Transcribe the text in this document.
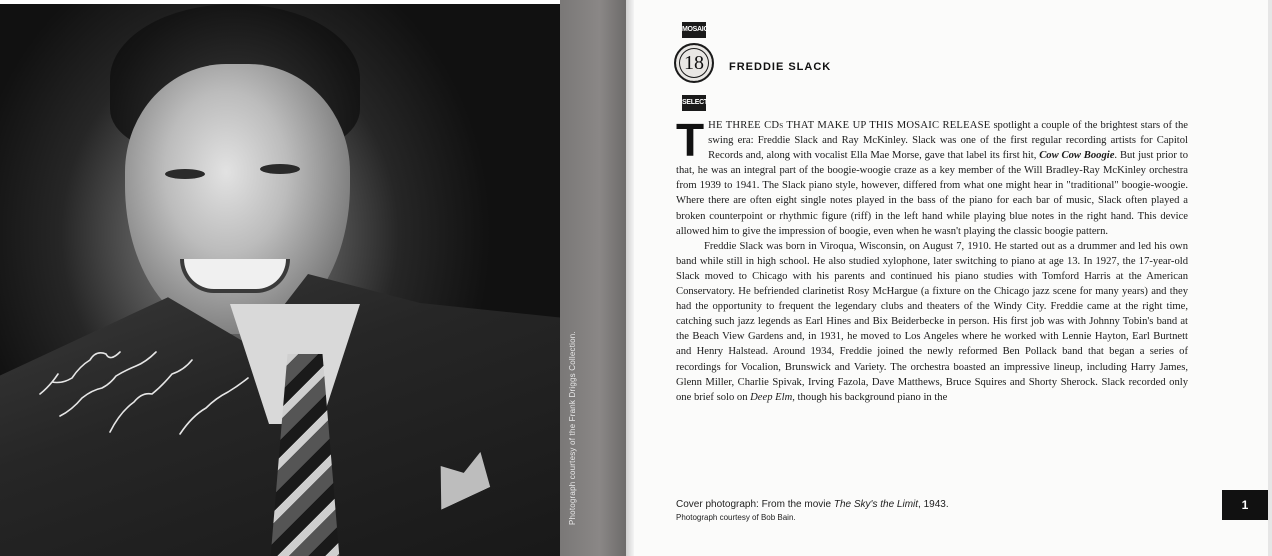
Photograph courtesy of the Frank Driggs Collection.
MOSAIC
18
SELECT
FREDDIE SLACK

THE THREE CDs THAT MAKE UP THIS MOSAIC RELEASE spotlight a couple of the brightest stars of the swing era: Freddie Slack and Ray McKinley. Slack was one of the first regular recording artists for Capitol Records and, along with vocalist Ella Mae Morse, gave that label its first hit, Cow Cow Boogie. But just prior to that, he was an integral part of the boogie-woogie craze as a key member of the Will Bradley-Ray McKinley orchestra from 1939 to 1941. The Slack piano style, however, differed from what one might hear in "traditional" boogie-woogie. Where there are often eight single notes played in the bass of the piano for each bar of music, Slack often played a broken counterpoint or rhythmic figure (riff) in the left hand while playing blue notes in the right hand. This device allowed him to give the impression of boogie, even when he wasn't playing the classic boogie pattern.

Freddie Slack was born in Viroqua, Wisconsin, on August 7, 1910. He started out as a drummer and led his own band while still in high school. He also studied xylophone, later switching to piano at age 13. In 1927, the 17-year-old Slack moved to Chicago with his parents and continued his piano studies with Tomford Harris at the American Conservatory. He befriended clarinetist Rosy McHargue (a fixture on the Chicago jazz scene for many years) and they had the opportunity to frequent the legendary clubs and theaters of the Windy City. Freddie came at the right time, catching such jazz legends as Earl Hines and Bix Beiderbecke in person. His first job was with Johnny Tobin's band at the Beach View Gardens and, in 1931, he moved to Los Angeles where he worked with Lennie Hayton, Earl Burtnett and Henry Halstead. Around 1934, Freddie joined the newly reformed Ben Pollack band that began a series of recordings for Vocalion, Brunswick and Variety. The orchestra boasted an impressive lineup, including Harry James, Glenn Miller, Charlie Spivak, Irving Fazola, Dave Matthews, Bruce Squires and Shorty Sherock. Slack recorded only one brief solo on Deep Elm, though his background piano in the

Cover photograph: From the movie The Sky's the Limit, 1943.
Photograph courtesy of Bob Bain.
1
